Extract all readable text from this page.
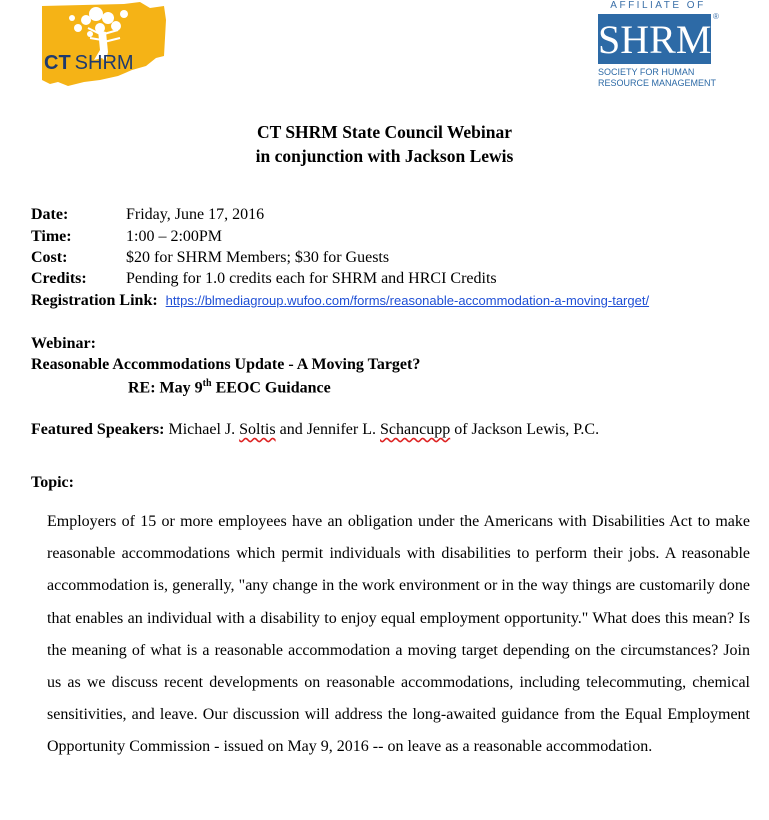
CT SHRM
AFFILIATE OF
SHRM
®
SOCIETY FOR HUMAN
RESOURCE MANAGEMENT
CT SHRM State Council Webinar
in conjunction with Jackson Lewis
Date:	Friday, June 17, 2016
Time:	1:00 – 2:00PM
Cost:	$20 for SHRM Members; $30 for Guests
Credits: Pending for 1.0 credits each for SHRM and HRCI Credits
Registration Link: https://blmediagroup.wufoo.com/forms/reasonable-accommodation-a-moving-target/
Webinar:
Reasonable Accommodations Update - A Moving Target?
RE: May 9th EEOC Guidance
Featured Speakers: Michael J. Soltis and Jennifer L. Schancupp of Jackson Lewis, P.C.
Topic:
Employers of 15 or more employees have an obligation under the Americans with Disabilities Act to make reasonable accommodations which permit individuals with disabilities to perform their jobs. A reasonable accommodation is, generally, "any change in the work environment or in the way things are customarily done that enables an individual with a disability to enjoy equal employment opportunity." What does this mean? Is the meaning of what is a reasonable accommodation a moving target depending on the circumstances? Join us as we discuss recent developments on reasonable accommodations, including telecommuting, chemical sensitivities, and leave. Our discussion will address the long-awaited guidance from the Equal Employment Opportunity Commission - issued on May 9, 2016 -- on leave as a reasonable accommodation.
